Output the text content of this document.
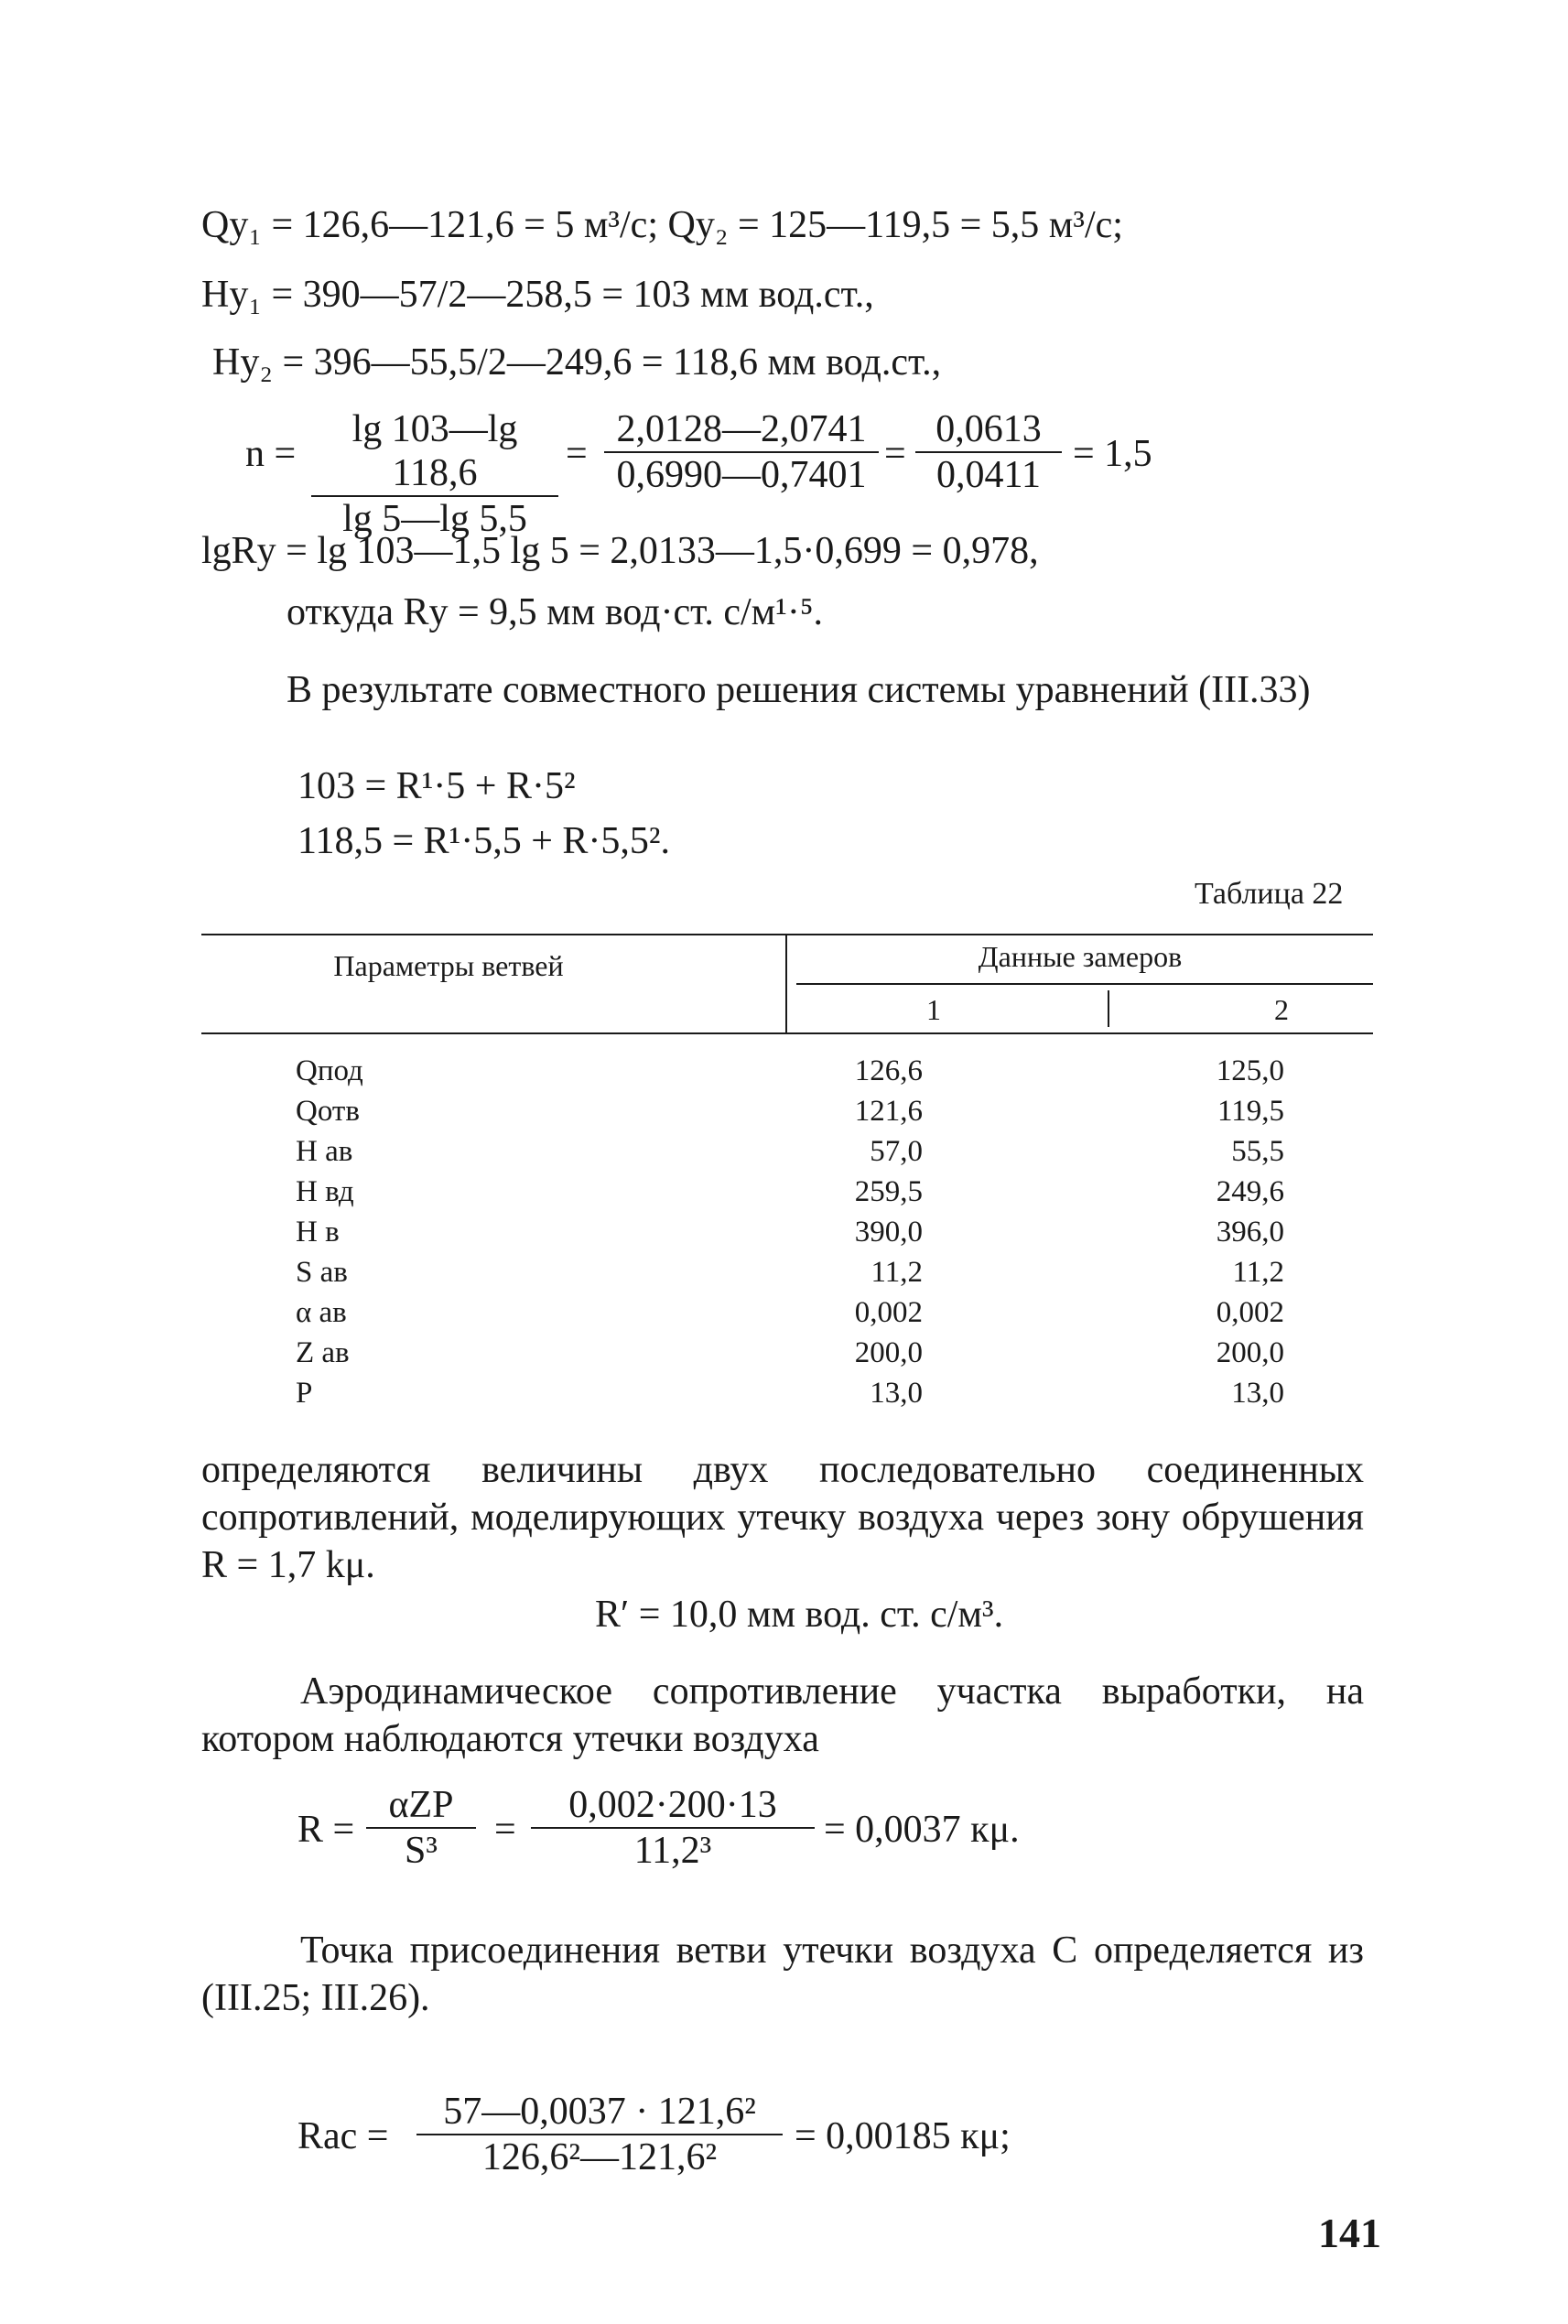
Qу₁ = 126,6—121,6 = 5 м³/с; Qу₂ = 125—119,5 = 5,5 м³/с;
Hу₁ = 390—57/2—258,5 = 103 мм вод.ст.,
Hу₂ = 396—55,5/2—249,6 = 118,6 мм вод.ст.,
$n = \frac{\lg 103—\lg 118,6}{\lg 5—\lg 5,5} = \frac{2,0128—2,0741}{0,6990—0,7401} = \frac{0,0613}{0,0411} = 1,5$
lgRу = lg 103—1,5 lg 5 = 2,0133—1,5·0,699 = 0,978,
откуда Rу = 9,5 мм вод·ст. с/м¹·⁵.
В результате совместного решения системы уравнений (III.33)
103 = R¹·5 + R·5²
118,5 = R¹·5,5 + R·5,5².
Таблица 22
Параметры ветвей	Данные замеров
1	2
Qпод	126,6	125,0
Qотв	121,6	119,5
H ав	57,0	55,5
H вд	259,5	249,6
H в	390,0	396,0
S ав	11,2	11,2
α ав	0,002	0,002
Z ав	200,0	200,0
P	13,0	13,0
определяются величины двух последовательно соединенных сопротивлений, моделирующих утечку воздуха через зону обрушения R = 1,7 kμ.
R′ = 10,0 мм вод. ст. с/м³.
Аэродинамическое сопротивление участка выработки, на котором наблюдаются утечки воздуха
R =
αZP
S³	= $\frac{0,002\cdot 200\cdot 13}{\text{11,2³}} = 0,0037$ кμ.
Точка присоединения ветви утечки воздуха C определяется из (III.25; III.26).
Rас = $\frac{\text{57—0,0037 · 121,6²}}{\text{126,6²—121,6²}} = 0,00185$ кμ;
141
